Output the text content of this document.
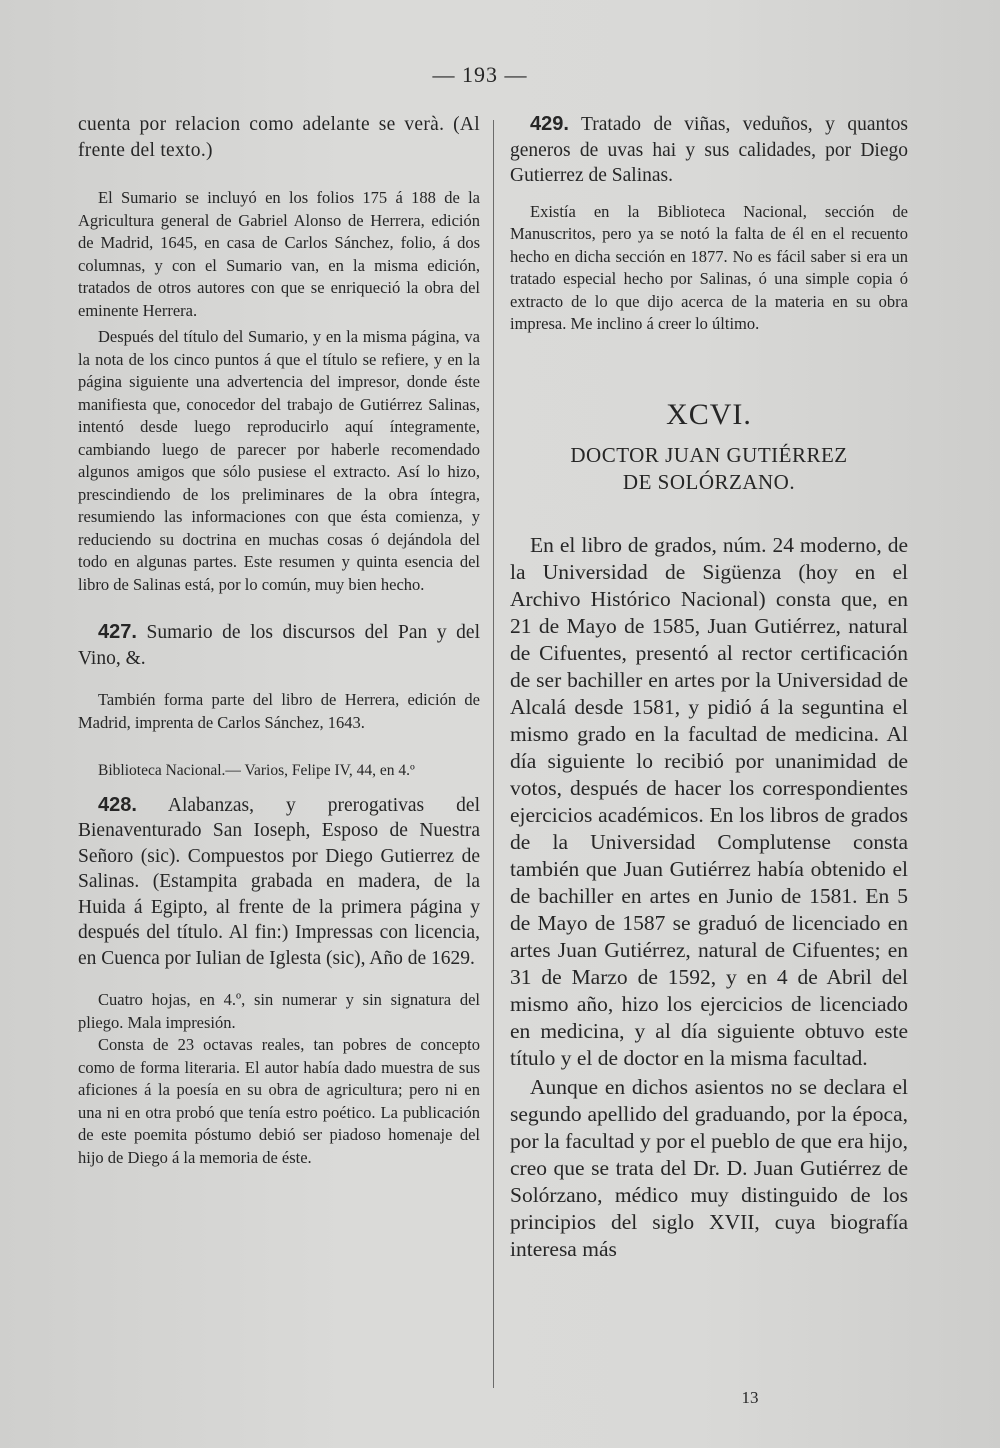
— 193 —

cuenta por relacion como adelante se verà. (Al frente del texto.)

El Sumario se incluyó en los folios 175 á 188 de la Agricultura general de Gabriel Alonso de Herrera, edición de Madrid, 1645, en casa de Carlos Sánchez, folio, á dos columnas, y con el Sumario van, en la misma edición, tratados de otros autores con que se enriqueció la obra del eminente Herrera.

Después del título del Sumario, y en la misma página, va la nota de los cinco puntos á que el título se refiere, y en la página siguiente una advertencia del impresor, donde éste manifiesta que, conocedor del trabajo de Gutiérrez Salinas, intentó desde luego reproducirlo aquí íntegramente, cambiando luego de parecer por haberle recomendado algunos amigos que sólo pusiese el extracto. Así lo hizo, prescindiendo de los preliminares de la obra íntegra, resumiendo las informaciones con que ésta comienza, y reduciendo su doctrina en muchas cosas ó dejándola del todo en algunas partes. Este resumen y quinta esencia del libro de Salinas está, por lo común, muy bien hecho.

427. Sumario de los discursos del Pan y del Vino, &.

También forma parte del libro de Herrera, edición de Madrid, imprenta de Carlos Sánchez, 1643.

Biblioteca Nacional.— Varios, Felipe IV, 44, en 4.º

428. Alabanzas, y prerogativas del Bienaventurado San Ioseph, Esposo de Nuestra Señoro (sic). Compuestos por Diego Gutierrez de Salinas. (Estampita grabada en madera, de la Huida á Egipto, al frente de la primera página y después del título. Al fin:) Impressas con licencia, en Cuenca por Iulian de Iglesta (sic), Año de 1629.

Cuatro hojas, en 4.º, sin numerar y sin signatura del pliego. Mala impresión.

Consta de 23 octavas reales, tan pobres de concepto como de forma literaria. El autor había dado muestra de sus aficiones á la poesía en su obra de agricultura; pero ni en una ni en otra probó que tenía estro poético. La publicación de este poemita póstumo debió ser piadoso homenaje del hijo de Diego á la memoria de éste.

429. Tratado de viñas, veduños, y quantos generos de uvas hai y sus calidades, por Diego Gutierrez de Salinas.

Existía en la Biblioteca Nacional, sección de Manuscritos, pero ya se notó la falta de él en el recuento hecho en dicha sección en 1877. No es fácil saber si era un tratado especial hecho por Salinas, ó una simple copia ó extracto de lo que dijo acerca de la materia en su obra impresa. Me inclino á creer lo último.

XCVI.
DOCTOR JUAN GUTIÉRREZ
DE SOLÓRZANO.

En el libro de grados, núm. 24 moderno, de la Universidad de Sigüenza (hoy en el Archivo Histórico Nacional) consta que, en 21 de Mayo de 1585, Juan Gutiérrez, natural de Cifuentes, presentó al rector certificación de ser bachiller en artes por la Universidad de Alcalá desde 1581, y pidió á la seguntina el mismo grado en la facultad de medicina. Al día siguiente lo recibió por unanimidad de votos, después de hacer los correspondientes ejercicios académicos. En los libros de grados de la Universidad Complutense consta también que Juan Gutiérrez había obtenido el de bachiller en artes en Junio de 1581. En 5 de Mayo de 1587 se graduó de licenciado en artes Juan Gutiérrez, natural de Cifuentes; en 31 de Marzo de 1592, y en 4 de Abril del mismo año, hizo los ejercicios de licenciado en medicina, y al día siguiente obtuvo este título y el de doctor en la misma facultad.

Aunque en dichos asientos no se declara el segundo apellido del graduando, por la época, por la facultad y por el pueblo de que era hijo, creo que se trata del Dr. D. Juan Gutiérrez de Solórzano, médico muy distinguido de los principios del siglo XVII, cuya biografía interesa más

13
